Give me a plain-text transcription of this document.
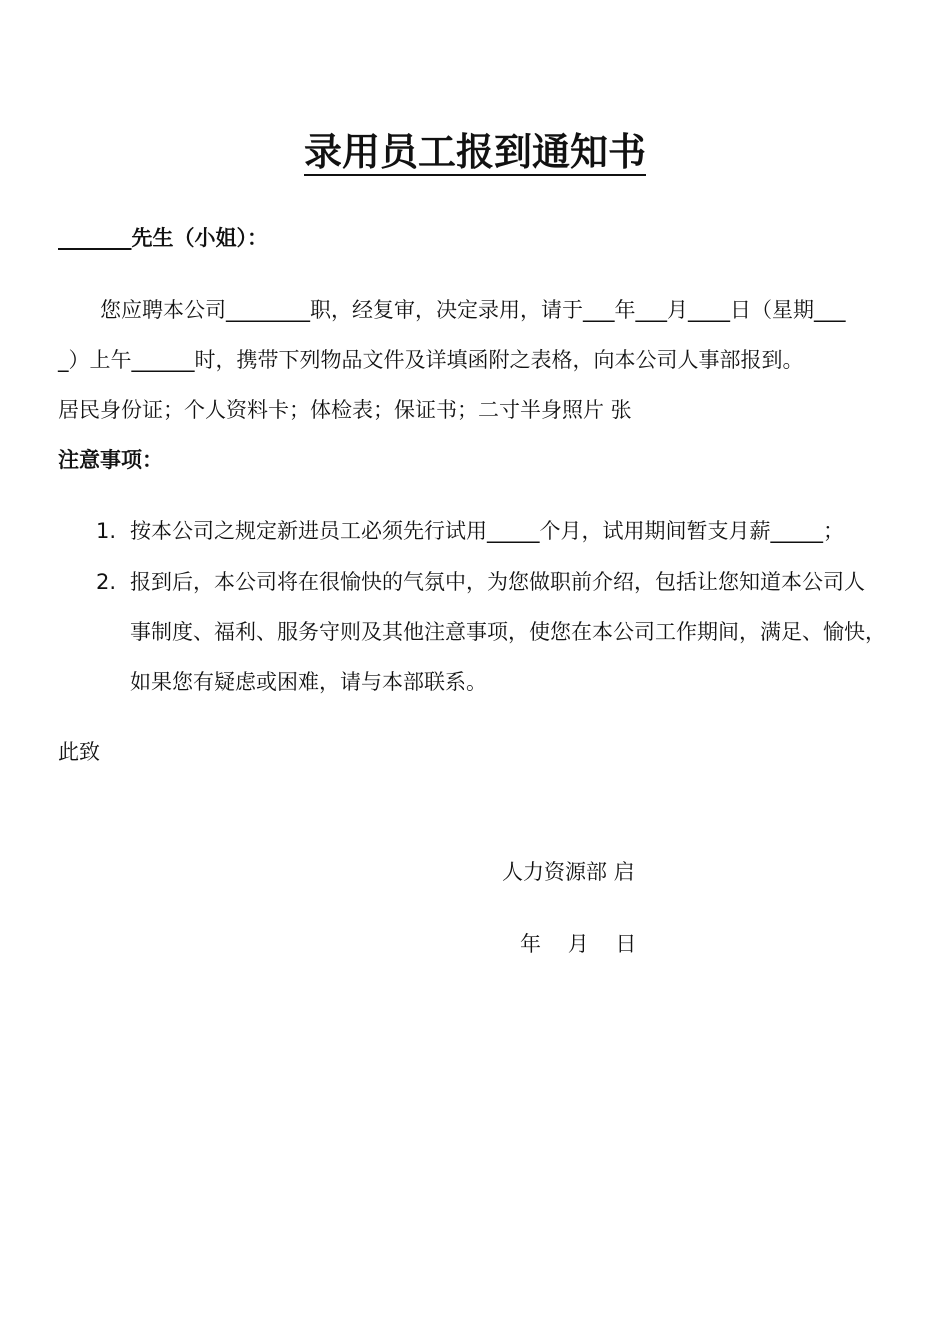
录用员工报到通知书
_______先生（小姐）：
您应聘本公司________职，经复审，决定录用，请于___年___月____日（星期___
_）上午______时，携带下列物品文件及详填函附之表格，向本公司人事部报到。
居民身份证；个人资料卡；体检表；保证书；二寸半身照片 张
注意事项：
1. 按本公司之规定新进员工必须先行试用_____个月，试用期间暂支月薪_____；
2. 报到后，本公司将在很愉快的气氛中，为您做职前介绍，包括让您知道本公司人
事制度、福利、服务守则及其他注意事项，使您在本公司工作期间，满足、愉快，
如果您有疑虑或困难，请与本部联系。
此致
人力资源部 启
年    月    日
